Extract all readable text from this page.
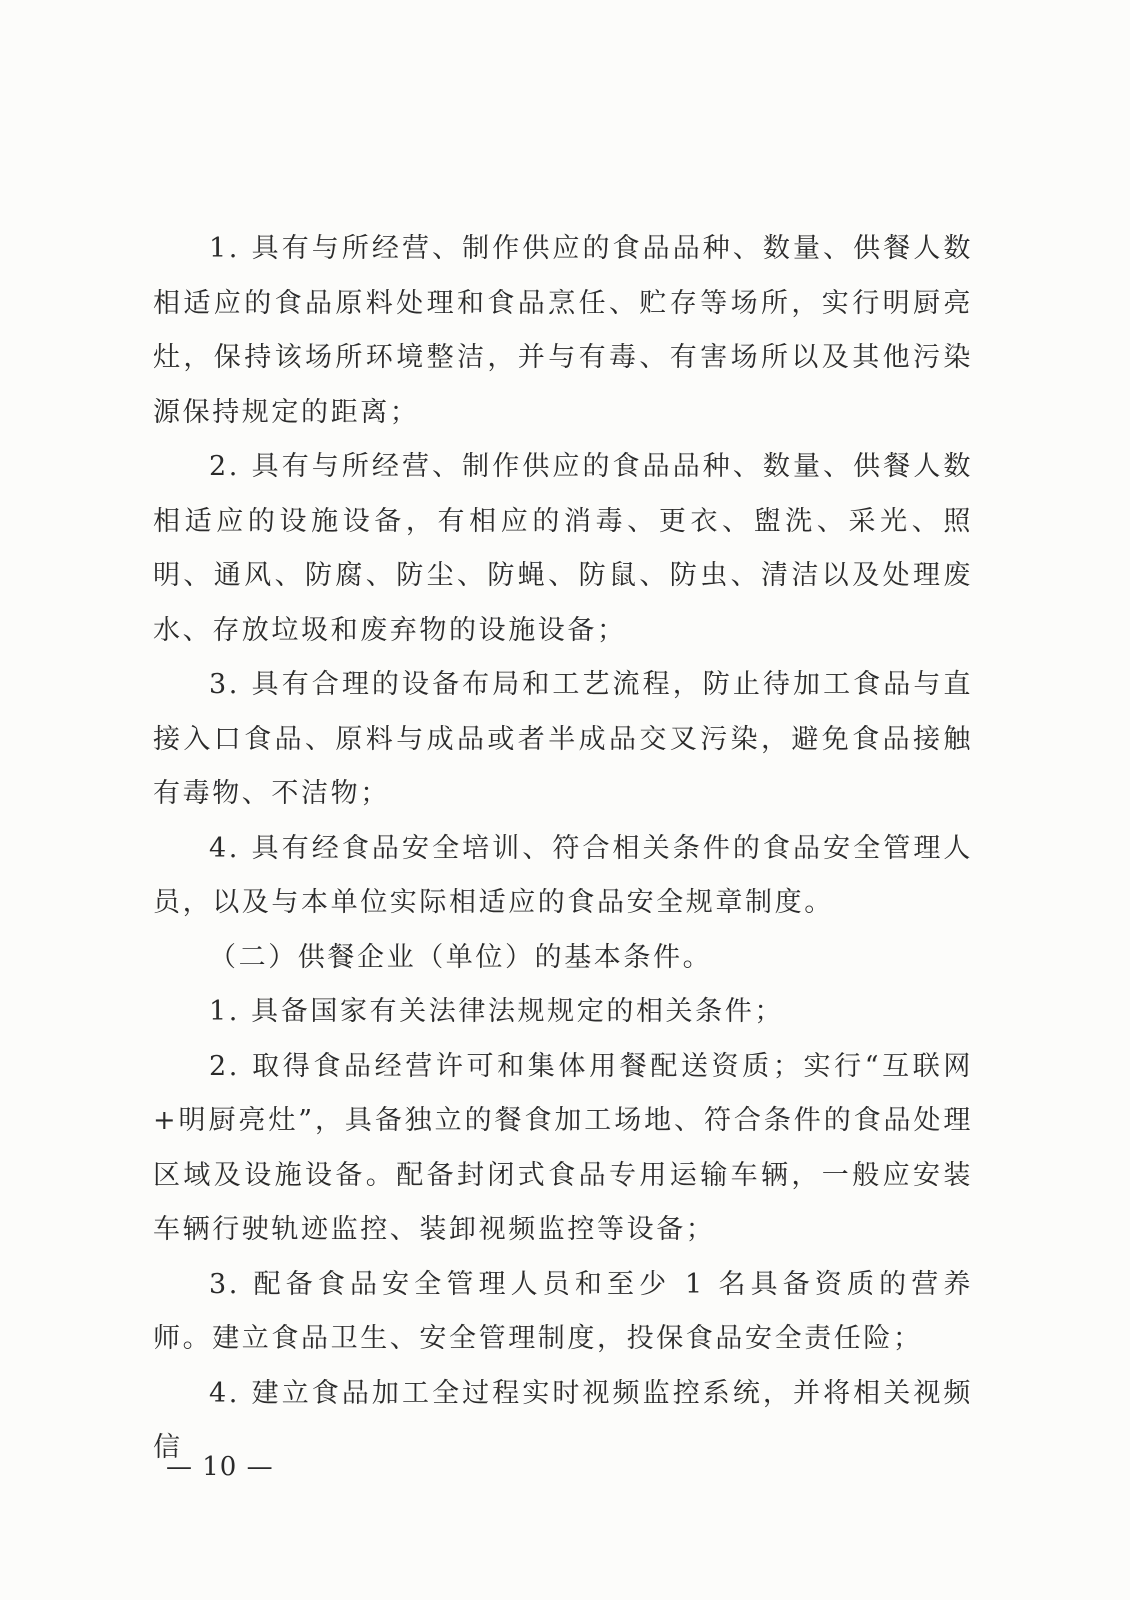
1. 具有与所经营、制作供应的食品品种、数量、供餐人数相适应的食品原料处理和食品烹任、贮存等场所，实行明厨亮灶，保持该场所环境整洁，并与有毒、有害场所以及其他污染源保持规定的距离；

2. 具有与所经营、制作供应的食品品种、数量、供餐人数相适应的设施设备，有相应的消毒、更衣、盥洗、采光、照明、通风、防腐、防尘、防蝇、防鼠、防虫、清洁以及处理废水、存放垃圾和废弃物的设施设备；

3. 具有合理的设备布局和工艺流程，防止待加工食品与直接入口食品、原料与成品或者半成品交叉污染，避免食品接触有毒物、不洁物；

4. 具有经食品安全培训、符合相关条件的食品安全管理人员，以及与本单位实际相适应的食品安全规章制度。

（二）供餐企业（单位）的基本条件。

1. 具备国家有关法律法规规定的相关条件；

2. 取得食品经营许可和集体用餐配送资质；实行“互联网+明厨亮灶”，具备独立的餐食加工场地、符合条件的食品处理区域及设施设备。配备封闭式食品专用运输车辆，一般应安装车辆行驶轨迹监控、装卸视频监控等设备；

3. 配备食品安全管理人员和至少 1 名具备资质的营养师。建立食品卫生、安全管理制度，投保食品安全责任险；

4. 建立食品加工全过程实时视频监控系统，并将相关视频信

— 10 —
